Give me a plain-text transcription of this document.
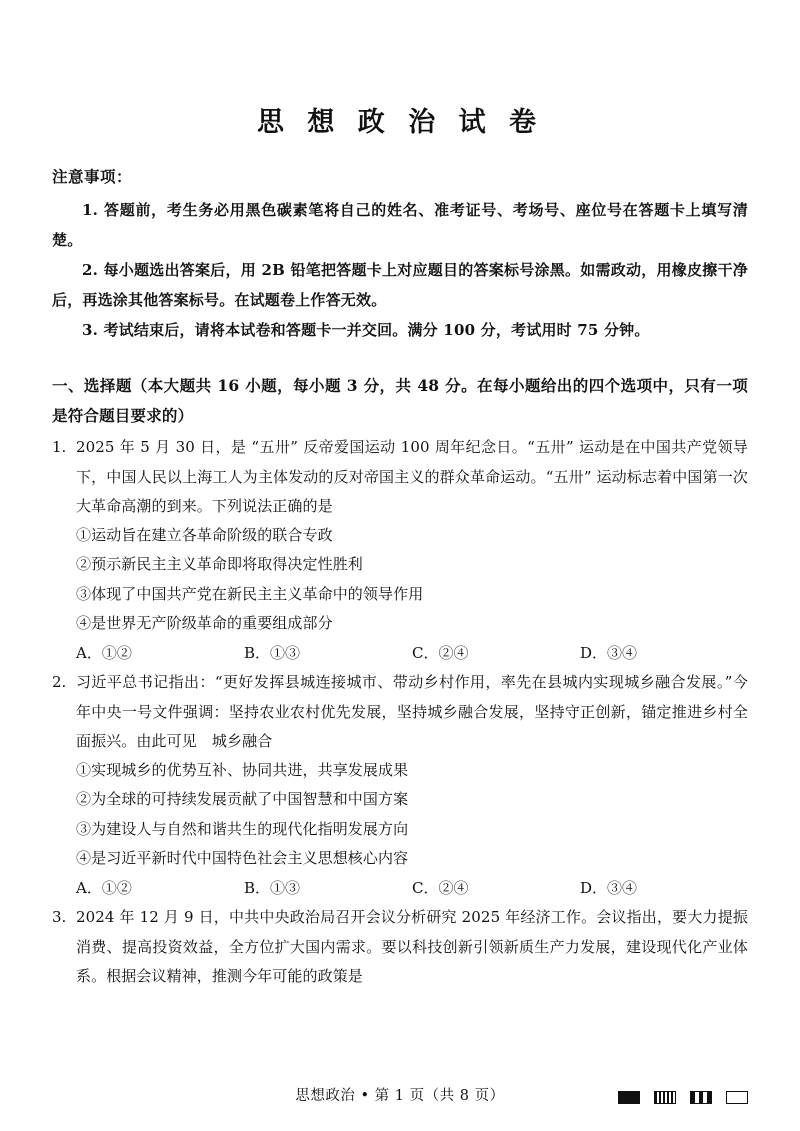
思 想 政 治 试 卷
注意事项：

1. 答题前，考生务必用黑色碳素笔将自己的姓名、准考证号、考场号、座位号在答题卡上填写清楚。

2. 每小题选出答案后，用 2B 铅笔把答题卡上对应题目的答案标号涂黑。如需政动，用橡皮擦干净后，再选涂其他答案标号。在试题卷上作答无效。

3. 考试结束后，请将本试卷和答题卡一并交回。满分 100 分，考试用时 75 分钟。

一、选择题（本大题共 16 小题，每小题 3 分，共 48 分。在每小题给出的四个选项中，只有一项是符合题目要求的）
1. 2025 年 5 月 30 日，是 “五卅” 反帝爱国运动 100 周年纪念日。“五卅” 运动是在中国共产党领导下，中国人民以上海工人为主体发动的反对帝国主义的群众革命运动。“五卅” 运动标志着中国第一次大革命高潮的到来。下列说法正确的是
①运动旨在建立各革命阶级的联合专政
②预示新民主主义革命即将取得决定性胜利
③体现了中国共产党在新民主主义革命中的领导作用
④是世界无产阶级革命的重要组成部分
A．①②	B．①③	C．②④	D．③④
2. 习近平总书记指出：“更好发挥县城连接城市、带动乡村作用，率先在县城内实现城乡融合发展。”今年中央一号文件强调：坚持农业农村优先发展，坚持城乡融合发展，坚持守正创新，锚定推进乡村全面振兴。由此可见　城乡融合
①实现城乡的优势互补、协同共进，共享发展成果
②为全球的可持续发展贡献了中国智慧和中国方案
③为建设人与自然和谐共生的现代化指明发展方向
④是习近平新时代中国特色社会主义思想核心内容
A．①②	B．①③	C．②④	D．③④
3. 2024 年 12 月 9 日，中共中央政治局召开会议分析研究 2025 年经济工作。会议指出，要大力提振消费、提高投资效益，全方位扩大国内需求。要以科技创新引领新质生产力发展，建设现代化产业体系。根据会议精神，推测今年可能的政策是
思想政治 • 第 1 页（共 8 页）
